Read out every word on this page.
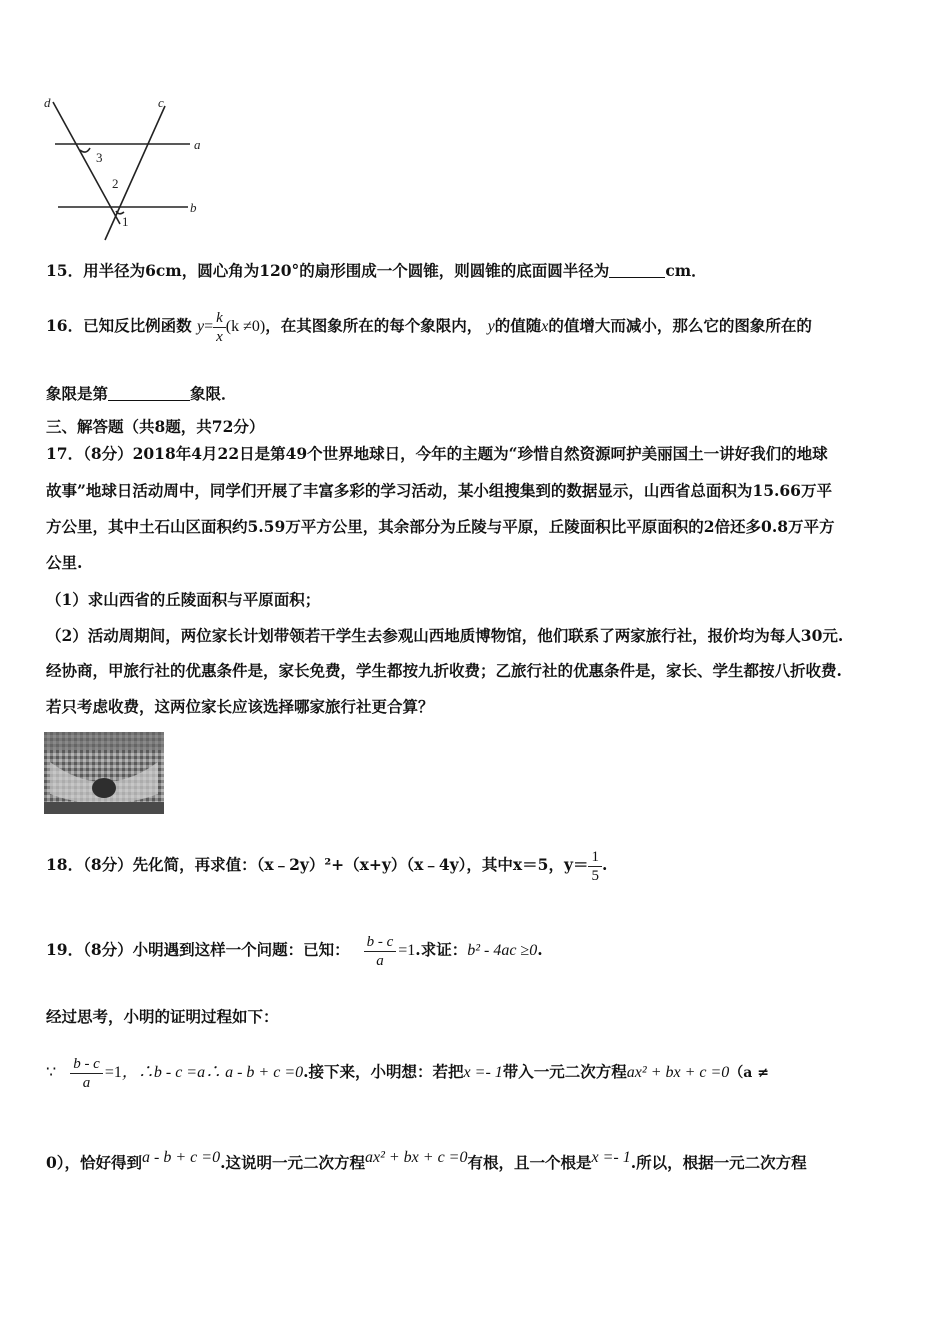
d	c
a
b
3
2
1
15．用半径为6cm，圆心角为120°的扇形围成一个圆锥，则圆锥的底面圆半径为	cm．
16．已知反比例函数 $y= \frac{k}{x} (k \ne 0)$，在其图象所在的每个象限内， y的值随x的值增大而减小，那么它的图象所在的
象限是第	象限．
三、解答题（共8题，共72分）
17．（8分）2018年4月22日是第49个世界地球日，今年的主题为“珍惜自然资源呵护美丽国土一讲好我们的地球
故事”地球日活动周中，同学们开展了丰富多彩的学习活动，某小组搜集到的数据显示，山西省总面积为15.66万平
方公里，其中土石山区面积约5.59万平方公里，其余部分为丘陵与平原，丘陵面积比平原面积的2倍还多0.8万平方
公里.
（1）求山西省的丘陵面积与平原面积；
（2）活动周期间，两位家长计划带领若干学生去参观山西地质博物馆，他们联系了两家旅行社，报价均为每人30元.
经协商，甲旅行社的优惠条件是，家长免费，学生都按九折收费；乙旅行社的优惠条件是，家长、学生都按八折收费.
若只考虑收费，这两位家长应该选择哪家旅行社更合算？
18．（8分）先化简，再求值：（x﹣2y）²+（x+y）（x﹣4y），其中x＝5，$y= \frac{1}{5}$ .
19．（8分）小明遇到这样一个问题：已知： $\frac{b - c}{a} =1$.求证：b² - 4ac ≥0.
经过思考，小明的证明过程如下：
∵ $\frac{b - c}{a} =1$，∴b - c =a∴ a - b + c =0.接下来，小明想：若把x =- 1带入一元二次方程ax² + bx + c =0（a ≠
0），恰好得到a - b + c =0.这说明一元二次方程ax² + bx + c =0有根，且一个根是x =- 1.所以，根据一元二次方程
